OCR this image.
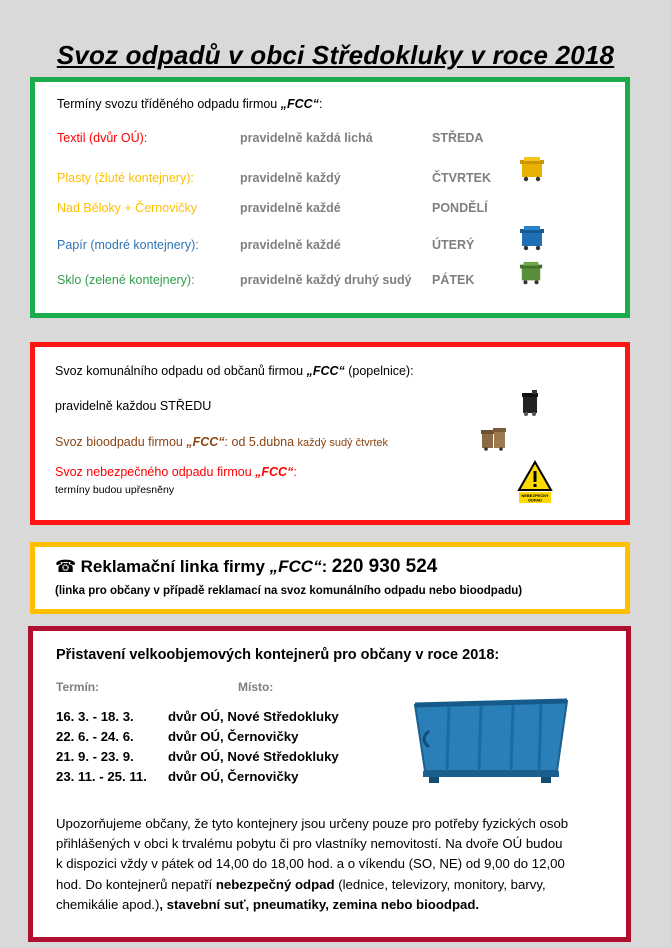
Svoz odpadů v obci Středokluky v roce 2018
Termíny svozu tříděného odpadu firmou „FCC“:
Textil (dvůr OÚ):	pravidelně každá lichá	STŘEDA
Plasty (žluté kontejnery):	pravidelně každý	ČTVRTEK
Nad Běloky + Černovičky	pravidelně každé	PONDĚLÍ
Papír (modré kontejnery):	pravidelně každé	ÚTERÝ
Sklo (zelené kontejnery):	pravidelně každý druhý sudý PÁTEK
Svoz komunálního odpadu od občanů firmou „FCC“ (popelnice):
pravidelně každou STŘEDU
Svoz bioodpadu firmou „FCC“: od 5.dubna každý sudý čtvrtek
Svoz nebezpečného odpadu firmou „FCC“:
termíny budou upřesněny	NEBEZPEČNÝ ODPAD
☎ Reklamační linka firmy „FCC“: 220 930 524
(linka pro občany v případě reklamací na svoz komunálního odpadu nebo bioodpadu)
Přistavení velkoobjemových kontejnerů pro občany v roce 2018:
Termín:	Místo:
16. 3. - 18. 3.	dvůr OÚ, Nové Středokluky
22. 6. - 24. 6.	dvůr OÚ, Černovičky
21. 9. - 23. 9.	dvůr OÚ, Nové Středokluky
23. 11. - 25. 11. dvůr OÚ, Černovičky
Upozorňujeme občany, že tyto kontejnery jsou určeny pouze pro potřeby fyzických osob
přihlášených v obci k trvalému pobytu či pro vlastníky nemovitostí. Na dvoře OÚ budou
k dispozici vždy v pátek od 14,00 do 18,00 hod. a o víkendu (SO, NE) od 9,00 do 12,00
hod. Do kontejnerů nepatří nebezpečný odpad (lednice, televizory, monitory, barvy,
chemikálie apod.), stavební suť, pneumatiky, zemina nebo bioodpad.
